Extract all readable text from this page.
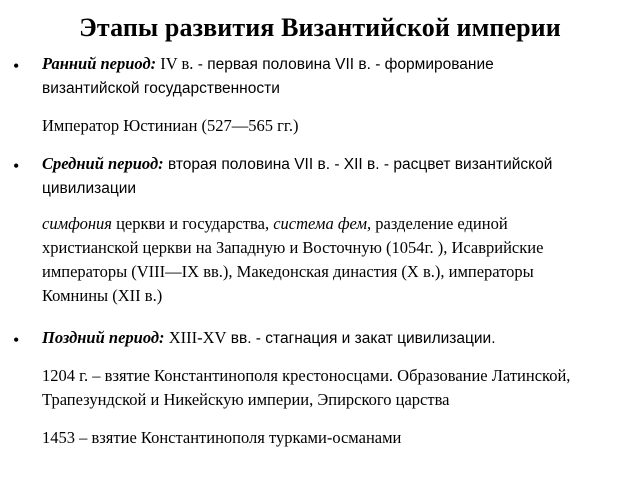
Этапы развития Византийской империи
• Ранний период: IV в. - первая половина VII в. - формирование
византийской государственности
Император Юстиниан (527—565 гг.)
• Средний период: вторая половина VII в. - XII в. - расцвет византийской
цивилизации
симфония церкви и государства, система фем, разделение единой
христианской церкви на Западную и Восточную (1054г. ), Исаврийские
императоры (VIII—IX вв.), Македонская династия (X в.), императоры
Комнины (XII в.)
• Поздний период: XIII-XV вв. - стагнация и закат цивилизации.
1204 г. – взятие Константинополя крестоносцами. Образование Латинской,
Трапезундской и Никейскую империи, Эпирского царства
1453 – взятие Константинополя турками-османами
